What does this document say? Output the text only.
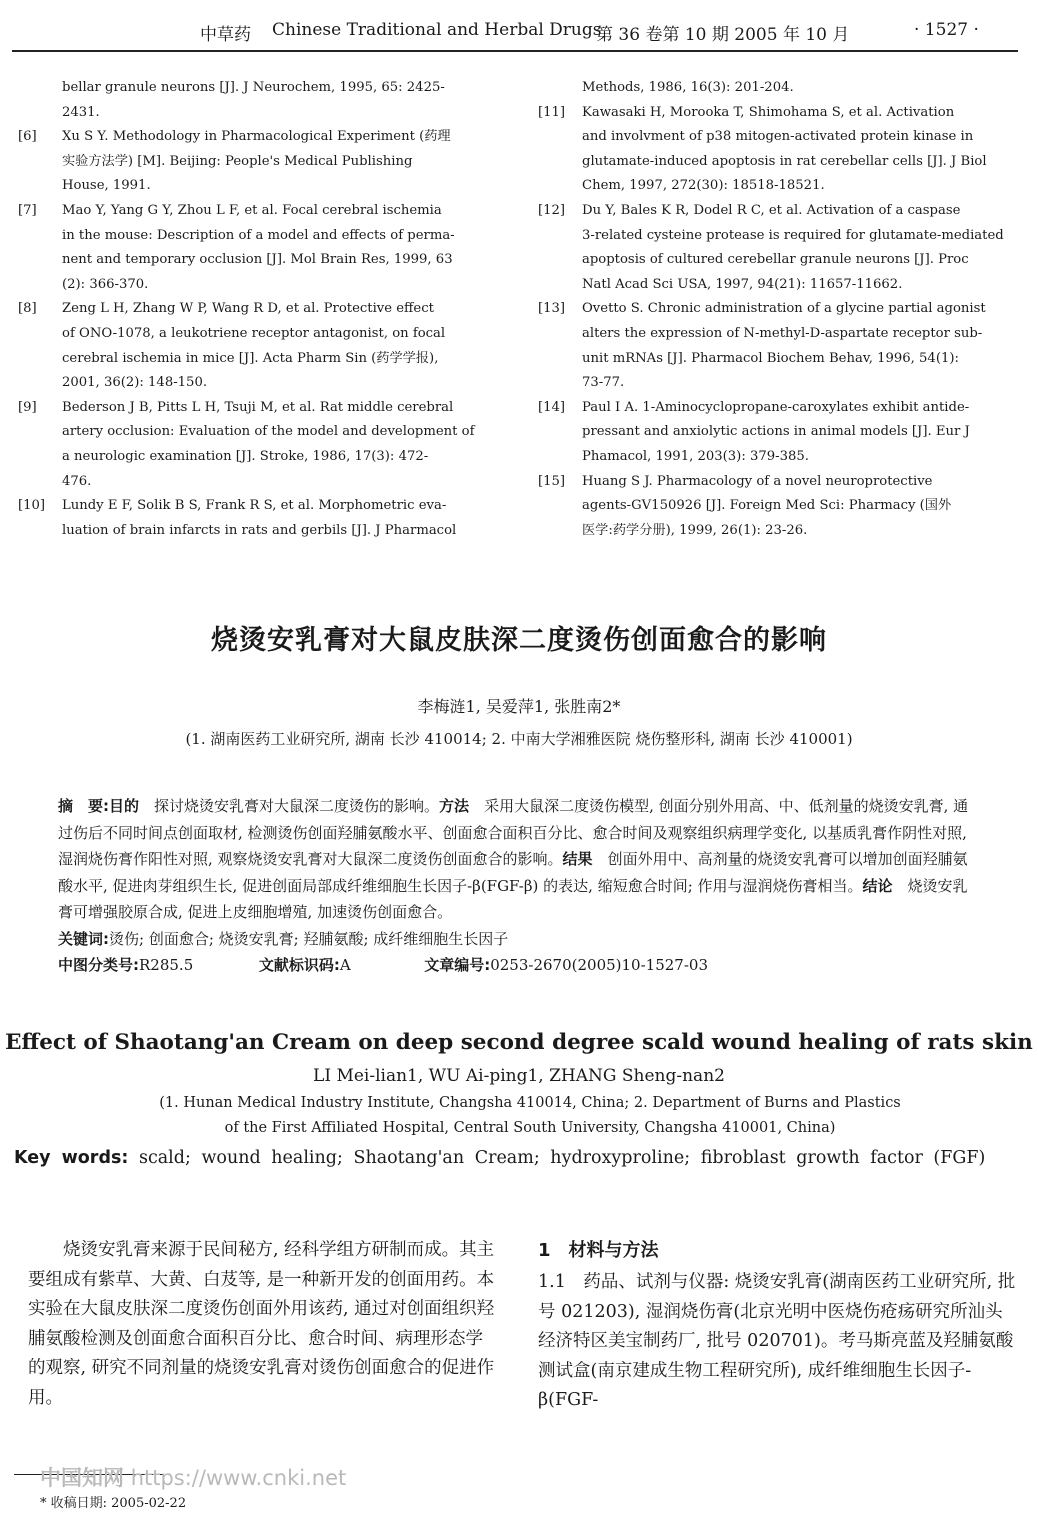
中草药 Chinese Traditional and Herbal Drugs
第 36 卷第 10 期 2005 年 10 月	· 1527 ·

bellar granule neurons [J]. J Neurochem, 1995, 65: 2425-
2431.

[6] Xu S Y. Methodology in Pharmacological Experiment (药理
实验方法学) [M]. Beijing: People's Medical Publishing
House, 1991.
[7] Mao Y, Yang G Y, Zhou L F, et al. Focal cerebral ischemia
in the mouse: Description of a model and effects of perma-
nent and temporary occlusion [J]. Mol Brain Res, 1999, 63
(2): 366-370.
[8] Zeng L H, Zhang W P, Wang R D, et al. Protective effect
of ONO-1078, a leukotriene receptor antagonist, on focal
cerebral ischemia in mice [J]. Acta Pharm Sin (药学学报),
2001, 36(2): 148-150.
[9] Bederson J B, Pitts L H, Tsuji M, et al. Rat middle cerebral
artery occlusion: Evaluation of the model and development of
a neurologic examination [J]. Stroke, 1986, 17(3): 472-
476.
[10] Lundy E F, Solik B S, Frank R S, et al. Morphometric eva-
luation of brain infarcts in rats and gerbils [J]. J Pharmacol

Methods, 1986, 16(3): 201-204.

[11] Kawasaki H, Morooka T, Shimohama S, et al. Activation
and involvment of p38 mitogen-activated protein kinase in
glutamate-induced apoptosis in rat cerebellar cells [J]. J Biol
Chem, 1997, 272(30): 18518-18521.
[12] Du Y, Bales K R, Dodel R C, et al. Activation of a caspase
3-related cysteine protease is required for glutamate-mediated
apoptosis of cultured cerebellar granule neurons [J]. Proc
Natl Acad Sci USA, 1997, 94(21): 11657-11662.
[13] Ovetto S. Chronic administration of a glycine partial agonist
alters the expression of N-methyl-D-aspartate receptor sub-
unit mRNAs [J]. Pharmacol Biochem Behav, 1996, 54(1):
73-77.
[14] Paul I A. 1-Aminocyclopropane-caroxylates exhibit antide-
pressant and anxiolytic actions in animal models [J]. Eur J
Phamacol, 1991, 203(3): 379-385.
[15] Huang S J. Pharmacology of a novel neuroprotective
agents-GV150926 [J]. Foreign Med Sci: Pharmacy (国外
医学:药学分册), 1999, 26(1): 23-26.
烧烫安乳膏对大鼠皮肤深二度烫伤创面愈合的影响
李梅涟1, 吴爱萍1, 张胜南2*
(1. 湖南医药工业研究所, 湖南 长沙 410014; 2. 中南大学湘雅医院 烧伤整形科, 湖南 长沙 410001)
摘　要:目的　 探讨烧烫安乳膏对大鼠深二度烫伤的影响。方法　 采用大鼠深二度烫伤模型, 创面分别外用高、中、低剂量的烧烫安乳膏, 通过伤后不同时间点创面取材, 检测烫伤创面羟脯氨酸水平、创面愈合面积百分比、愈合时间及观察组织病理学变化, 以基质乳膏作阴性对照, 湿润烧伤膏作阳性对照, 观察烧烫安乳膏对大鼠深二度烫伤创面愈合的影响。结果　 创面外用中、高剂量的烧烫安乳膏可以增加创面羟脯氨酸水平, 促进肉芽组织生长, 促进创面局部成纤维细胞生长因子-β(FGF-β) 的表达, 缩短愈合时间; 作用与湿润烧伤膏相当。结论　 烧烫安乳膏可增强胶原合成, 促进上皮细胞增殖, 加速烫伤创面愈合。
关键词:烫伤; 创面愈合; 烧烫安乳膏; 羟脯氨酸; 成纤维细胞生长因子
中图分类号:R285.5	文献标识码:A	文章编号:0253-2670(2005)10-1527-03
Effect of Shaotang'an Cream on deep second degree scald wound healing of rats skin
LI Mei-lian1, WU Ai-ping1, ZHANG Sheng-nan2
(1. Hunan Medical Industry Institute, Changsha 410014, China; 2. Department of Burns and Plastics
of the First Affiliated Hospital, Central South University, Changsha 410001, China)
Key words: scald; wound healing; Shaotang'an Cream; hydroxyproline; fibroblast growth factor (FGF)
烧烫安乳膏来源于民间秘方, 经科学组方研制而成。其主要组成有紫草、大黄、白芨等, 是一种新开发的创面用药。本实验在大鼠皮肤深二度烫伤创面外用该药, 通过对创面组织羟脯氨酸检测及创面愈合面积百分比、愈合时间、病理形态学的观察, 研究不同剂量的烧烫安乳膏对烫伤创面愈合的促进作用。
1　材料与方法
1.1　药品、试剂与仪器: 烧烫安乳膏(湖南医药工业研究所, 批号 021203), 湿润烧伤膏(北京光明中医烧伤疮疡研究所汕头经济特区美宝制药厂, 批号 020701)。考马斯亮蓝及羟脯氨酸测试盒(南京建成生物工程研究所), 成纤维细胞生长因子-β(FGF-
中国知网 https://www.cnki.net
* 收稿日期: 2005-02-22
